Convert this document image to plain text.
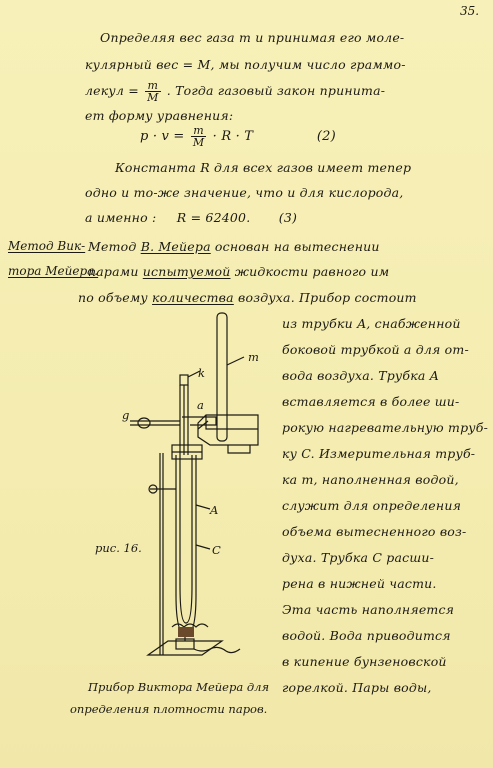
35.
Определяя вес газа m и принимая его моле-
кулярный вес = M, мы получим число граммо-
лекул = $\frac{m}{M}$ . Тогда газовый закон приниma-
ет форму уравнения:
$p \cdot v = \frac{m}{M} \cdot R \cdot T$	(2)
Константа R для всех газов имеет тепер
одно и то-же значение, что и для кислорода,
а именно : R = 62400. (3)
Метод Вик-
тора Мейера.
Метод В. Мейера основан на вытеснении
парами испытуемой жидкости равного им
по объему количества воздуха. Прибор состоит
из трубки A, снабженной
боковой трубкой a для от-
вода воздуха. Трубка A
вставляется в более ши-
рокую нагревательную труб-
ку C. Измерительная труб-
ка m, наполненная водой,
служит для определения
объема вытесненного воз-
духа. Трубка C расши-
рена в нижней части.
Эта часть наполняется
водой. Вода приводится
в кипение бунзеновской
горелкой. Пары воды,
m
k
a
g
A
C
рис. 16.
Прибор Виктора Мейера для
определения плотности паров.
